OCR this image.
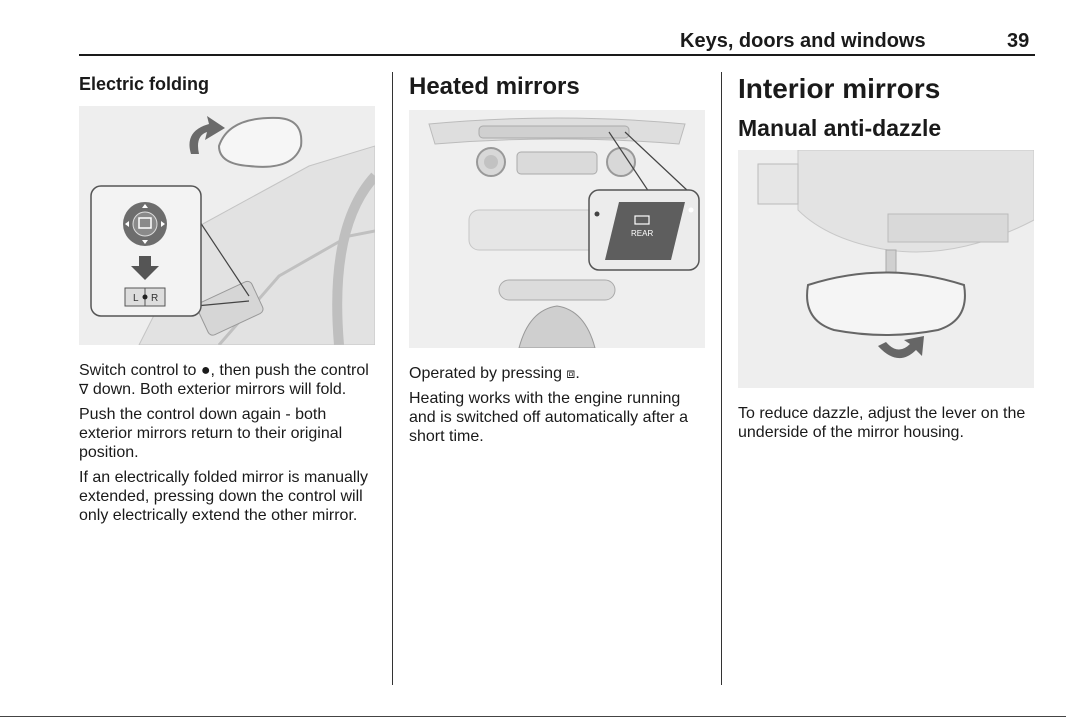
Keys, doors and windows	39
Electric folding
L R

Switch control to ●, then push the control ∇ down. Both exterior mirrors will fold.

Push the control down again - both exterior mirrors return to their original position.

If an electrically folded mirror is manually extended, pressing down the control will only electrically extend the other mirror.

Heated mirrors
REAR

Operated by pressing ⧈.

Heating works with the engine running and is switched off automatically after a short time.

Interior mirrors
Manual anti-dazzle

To reduce dazzle, adjust the lever on the underside of the mirror housing.
